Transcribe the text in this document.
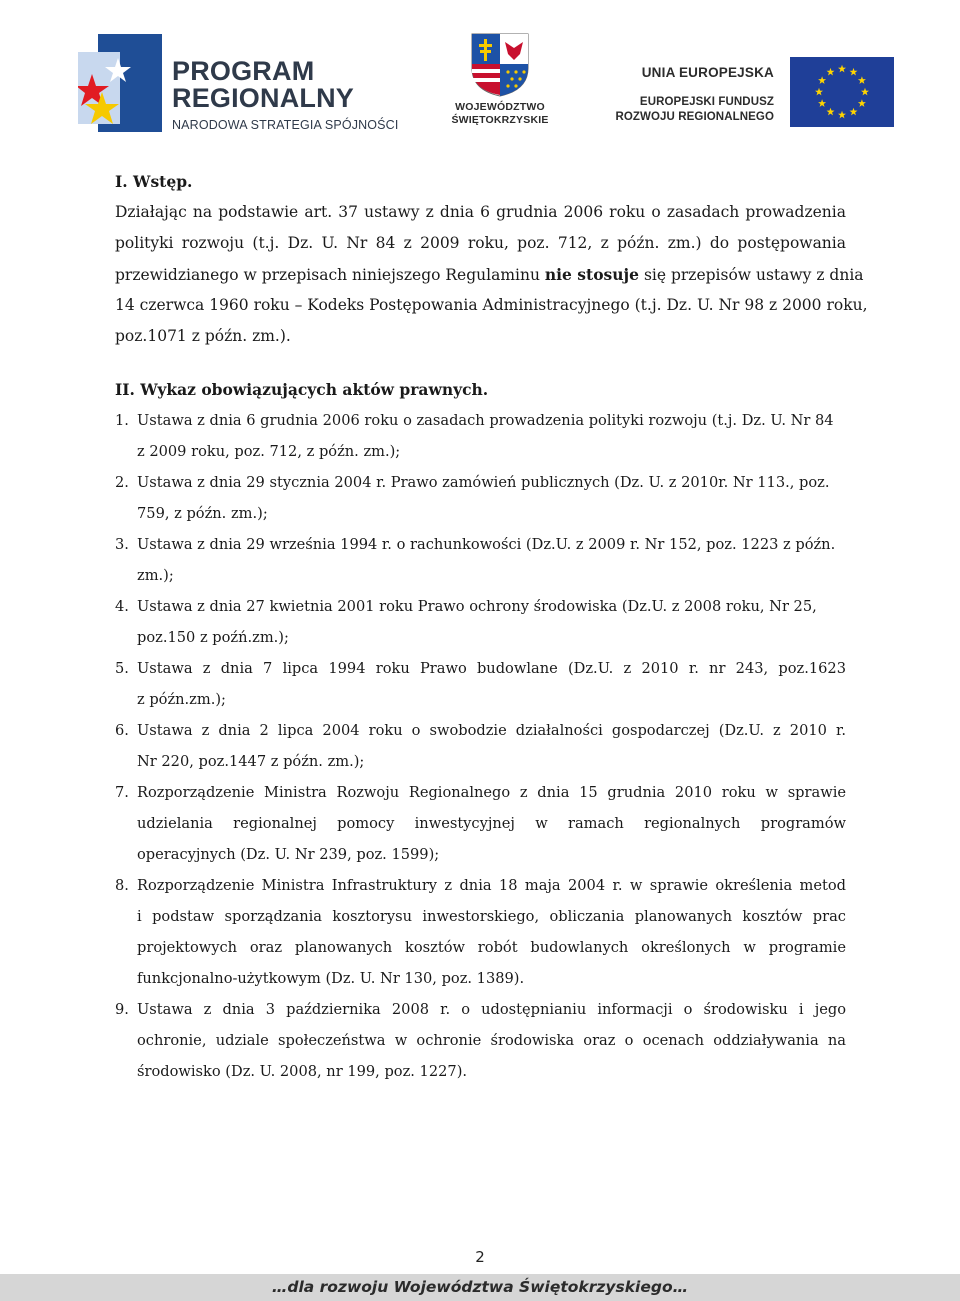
PROGRAM
REGIONALNY
NARODOWA STRATEGIA SPÓJNOŚCI
WOJEWÓDZTWO
ŚWIĘTOKRZYSKIE
UNIA EUROPEJSKA
EUROPEJSKI FUNDUSZ
ROZWOJU REGIONALNEGO
I. Wstęp.
Działając na podstawie art. 37 ustawy z dnia 6 grudnia 2006 roku o zasadach prowadzenia
polityki rozwoju (t.j. Dz. U. Nr 84 z 2009 roku, poz. 712, z późn. zm.) do postępowania
przewidzianego w przepisach niniejszego Regulaminu nie stosuje się przepisów ustawy z dnia
14 czerwca 1960 roku – Kodeks Postępowania Administracyjnego (t.j. Dz. U. Nr 98 z 2000 roku,
poz.1071 z późn. zm.).
II. Wykaz obowiązujących aktów prawnych.
1. Ustawa z dnia 6 grudnia 2006 roku o zasadach prowadzenia polityki rozwoju (t.j. Dz. U. Nr 84
z 2009 roku, poz. 712, z późn. zm.);
2. Ustawa z dnia 29 stycznia 2004 r. Prawo zamówień publicznych (Dz. U. z 2010r. Nr 113., poz.
759, z późn. zm.);
3. Ustawa z dnia 29 września 1994 r. o rachunkowości (Dz.U. z 2009 r. Nr 152, poz. 1223 z późn.
zm.);
4. Ustawa z dnia 27 kwietnia 2001 roku Prawo ochrony środowiska (Dz.U. z 2008 roku, Nr 25,
poz.150 z poźń.zm.);
5. Ustawa z dnia 7 lipca 1994 roku Prawo budowlane (Dz.U. z 2010 r. nr 243, poz.1623
z późn.zm.);
6. Ustawa z dnia 2 lipca 2004 roku o swobodzie działalności gospodarczej (Dz.U. z 2010 r.
Nr 220, poz.1447 z późn. zm.);
7. Rozporządzenie Ministra Rozwoju Regionalnego z dnia 15 grudnia 2010 roku w sprawie
udzielania regionalnej pomocy inwestycyjnej w ramach regionalnych programów
operacyjnych (Dz. U. Nr 239, poz. 1599);
8. Rozporządzenie Ministra Infrastruktury z dnia 18 maja 2004 r. w sprawie określenia metod
i podstaw sporządzania kosztorysu inwestorskiego, obliczania planowanych kosztów prac
projektowych oraz planowanych kosztów robót budowlanych określonych w programie
funkcjonalno-użytkowym (Dz. U. Nr 130, poz. 1389).
9. Ustawa z dnia 3 października 2008 r. o udostępnianiu informacji o środowisku i jego
ochronie, udziale społeczeństwa w ochronie środowiska oraz o ocenach oddziaływania na
środowisko (Dz. U. 2008, nr 199, poz. 1227).
2
…dla rozwoju Województwa Świętokrzyskiego…
